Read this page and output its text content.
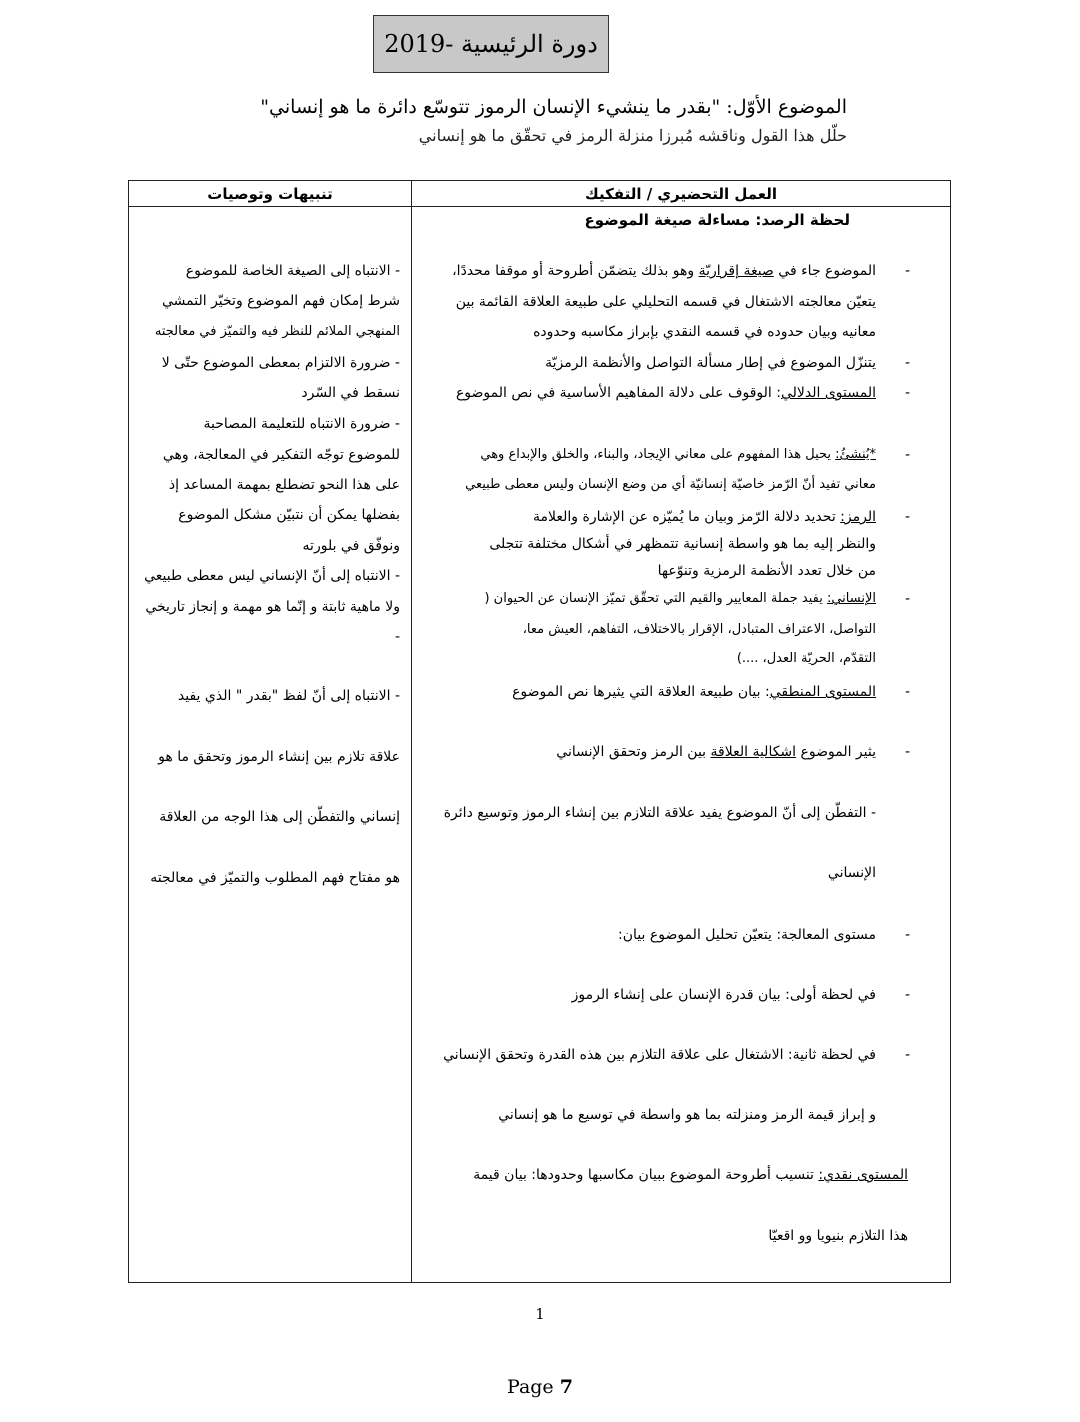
دورة الرئيسية -2019
الموضوع الأوّل: "بقدر ما ينشيء الإنسان الرموز تتوسّع دائرة ما هو إنساني"
حلّل هذا القول وناقشه مُبرزا منزلة الرمز في تحقّق ما هو إنساني
العمل التحضيري / التفكيك
تنبيهات وتوصيات
لحظة الرصد: مساءلة صيغة الموضوع
-
الموضوع جاء في صيغة إقراريّة وهو بذلك يتضمّن أطروحة أو موقفا محددًا،
يتعيّن معالجته الاشتغال في قسمه التحليلي على طبيعة العلاقة القائمة بين
معانيه وبيان حدوده في قسمه النقدي بإبراز مكاسبه وحدوده
-
يتنزّل الموضوع في إطار مسألة التواصل والأنظمة الرمزيّة
-
المستوى الدلالي: الوقوف على دلالة المفاهيم الأساسية في نص الموضوع
-
*يُنشئُ: يحيل هذا المفهوم على معاني الإيجاد، والبناء، والخلق والإبداع وهي
معاني تفيد أنّ الرّمز خاصيّة إنسانيّة أي من وضع الإنسان وليس معطى طبيعي
-
الرمز: تحديد دلالة الرّمز وبيان ما يُميّزه عن الإشارة والعلامة
والنظر إليه بما هو واسطة إنسانية تتمظهر في أشكال مختلفة تتجلى
من خلال تعدد الأنظمة الرمزية وتنوّعها
-
الإنساني: يفيد جملة المعايير والقيم التي تحقّق تميّز الإنسان عن الحيوان (
التواصل، الاعتراف المتبادل، الإقرار بالاختلاف، التفاهم، العيش معا،
التقدّم، الحريّة العدل، ....)
-
المستوى المنطقي: بيان طبيعة العلاقة التي يثيرها نص الموضوع
-
يثير الموضوع اشكالية العلاقة بين الرمز وتحقق الإنساني
- التفطّن إلى أنّ الموضوع يفيد علاقة التلازم بين إنشاء الرموز وتوسيع دائرة
الإنساني
-
مستوى المعالجة: يتعيّن تحليل الموضوع بيان:
-
في لحظة أولى: بيان قدرة الإنسان على إنشاء الرموز
-
في لحظة ثانية: الاشتغال على علاقة التلازم بين هذه القدرة وتحقق الإنساني
و إبراز قيمة الرمز ومنزلته بما هو واسطة في توسيع ما هو إنساني
المستوى نقدي: تنسيب أطروحة الموضوع ببيان مكاسبها وحدودها: بيان قيمة
هذا التلازم بنيويا وو اقعيّا
- الانتباه إلى الصيغة الخاصة للموضوع
شرط إمكان فهم الموضوع وتخيّر التمشي
المنهجي الملائم للنظر فيه والتميّز في معالجته
- ضرورة الالتزام بمعطى الموضوع حتّى لا
نسقط في السّرد
- ضرورة الانتباه للتعليمة المصاحبة
للموضوع توجّه التفكير في المعالجة، وهي
على هذا النحو تضطلع بمهمة المساعد إذ
بفضلها يمكن أن نتبيّن مشكل الموضوع
ونوفّق في بلورته
- الانتباه إلى أنّ الإنساني ليس معطى طبيعي
ولا ماهية ثابتة و إنّما هو مهمة و إنجاز تاريخي
-
- الانتباه إلى أنّ لفظ "بقدر " الذي يفيد
علاقة تلازم بين إنشاء الرموز وتحقق ما هو
إنساني والتفطّن إلى هذا الوجه من العلاقة
هو مفتاح فهم المطلوب والتميّز في معالجته
1
Page 7
